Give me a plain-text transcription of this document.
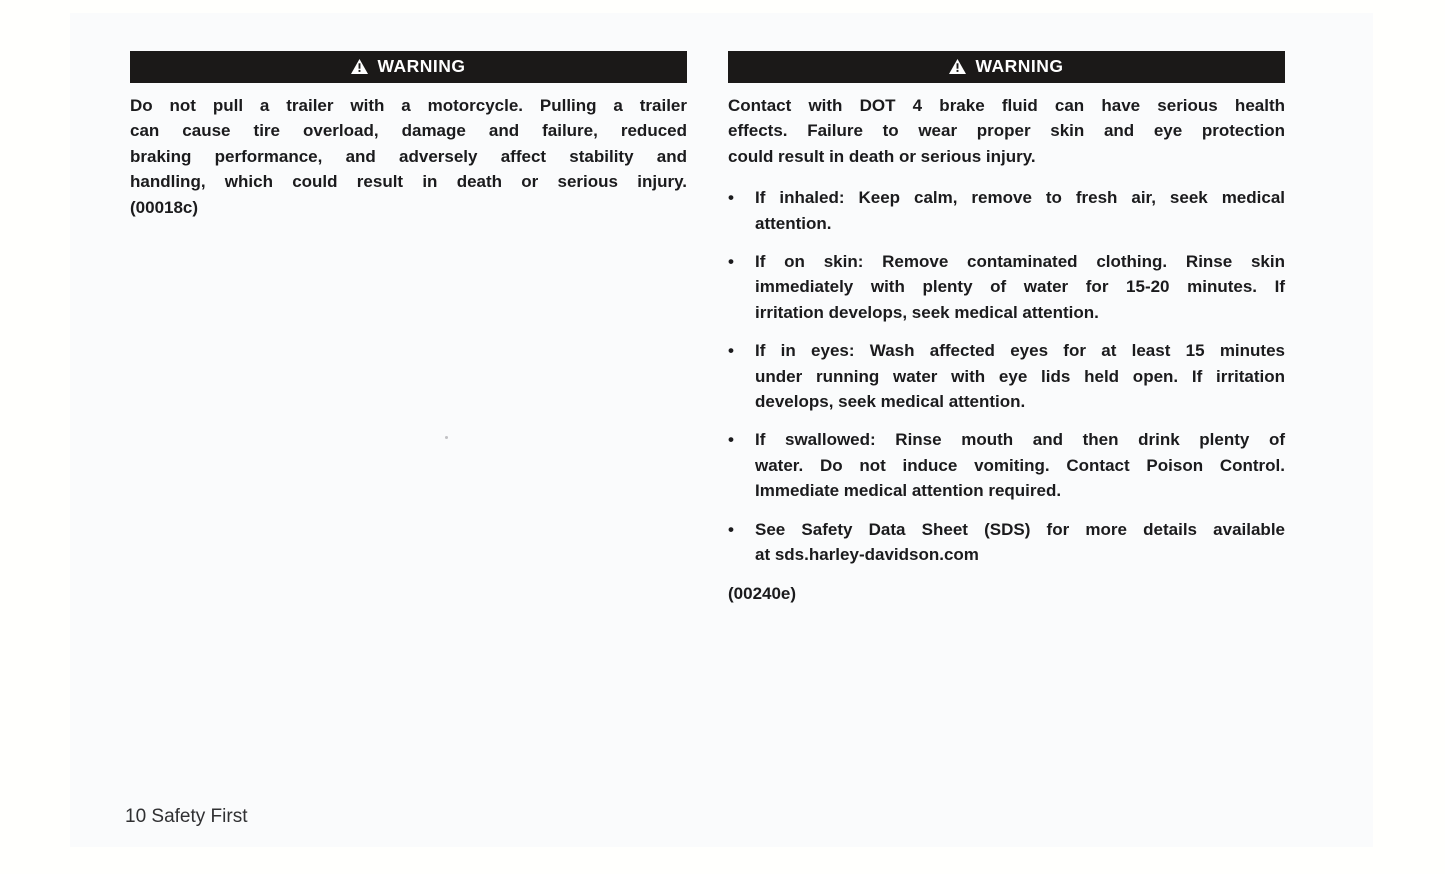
WARNING
Do not pull a trailer with a motorcycle. Pulling a trailer
can cause tire overload, damage and failure, reduced
braking performance, and adversely affect stability and
handling, which could result in death or serious injury.
(00018c)
WARNING
Contact with DOT 4 brake fluid can have serious health
effects. Failure to wear proper skin and eye protection
could result in death or serious injury.
•	If inhaled: Keep calm, remove to fresh air, seek medical
attention.
•	If on skin: Remove contaminated clothing. Rinse skin
immediately with plenty of water for 15-20 minutes. If
irritation develops, seek medical attention.
•	If in eyes: Wash affected eyes for at least 15 minutes
under running water with eye lids held open. If irritation
develops, seek medical attention.
•	If swallowed: Rinse mouth and then drink plenty of
water. Do not induce vomiting. Contact Poison Control.
Immediate medical attention required.
•	See Safety Data Sheet (SDS) for more details available
at sds.harley-davidson.com
(00240e)
10 Safety First
